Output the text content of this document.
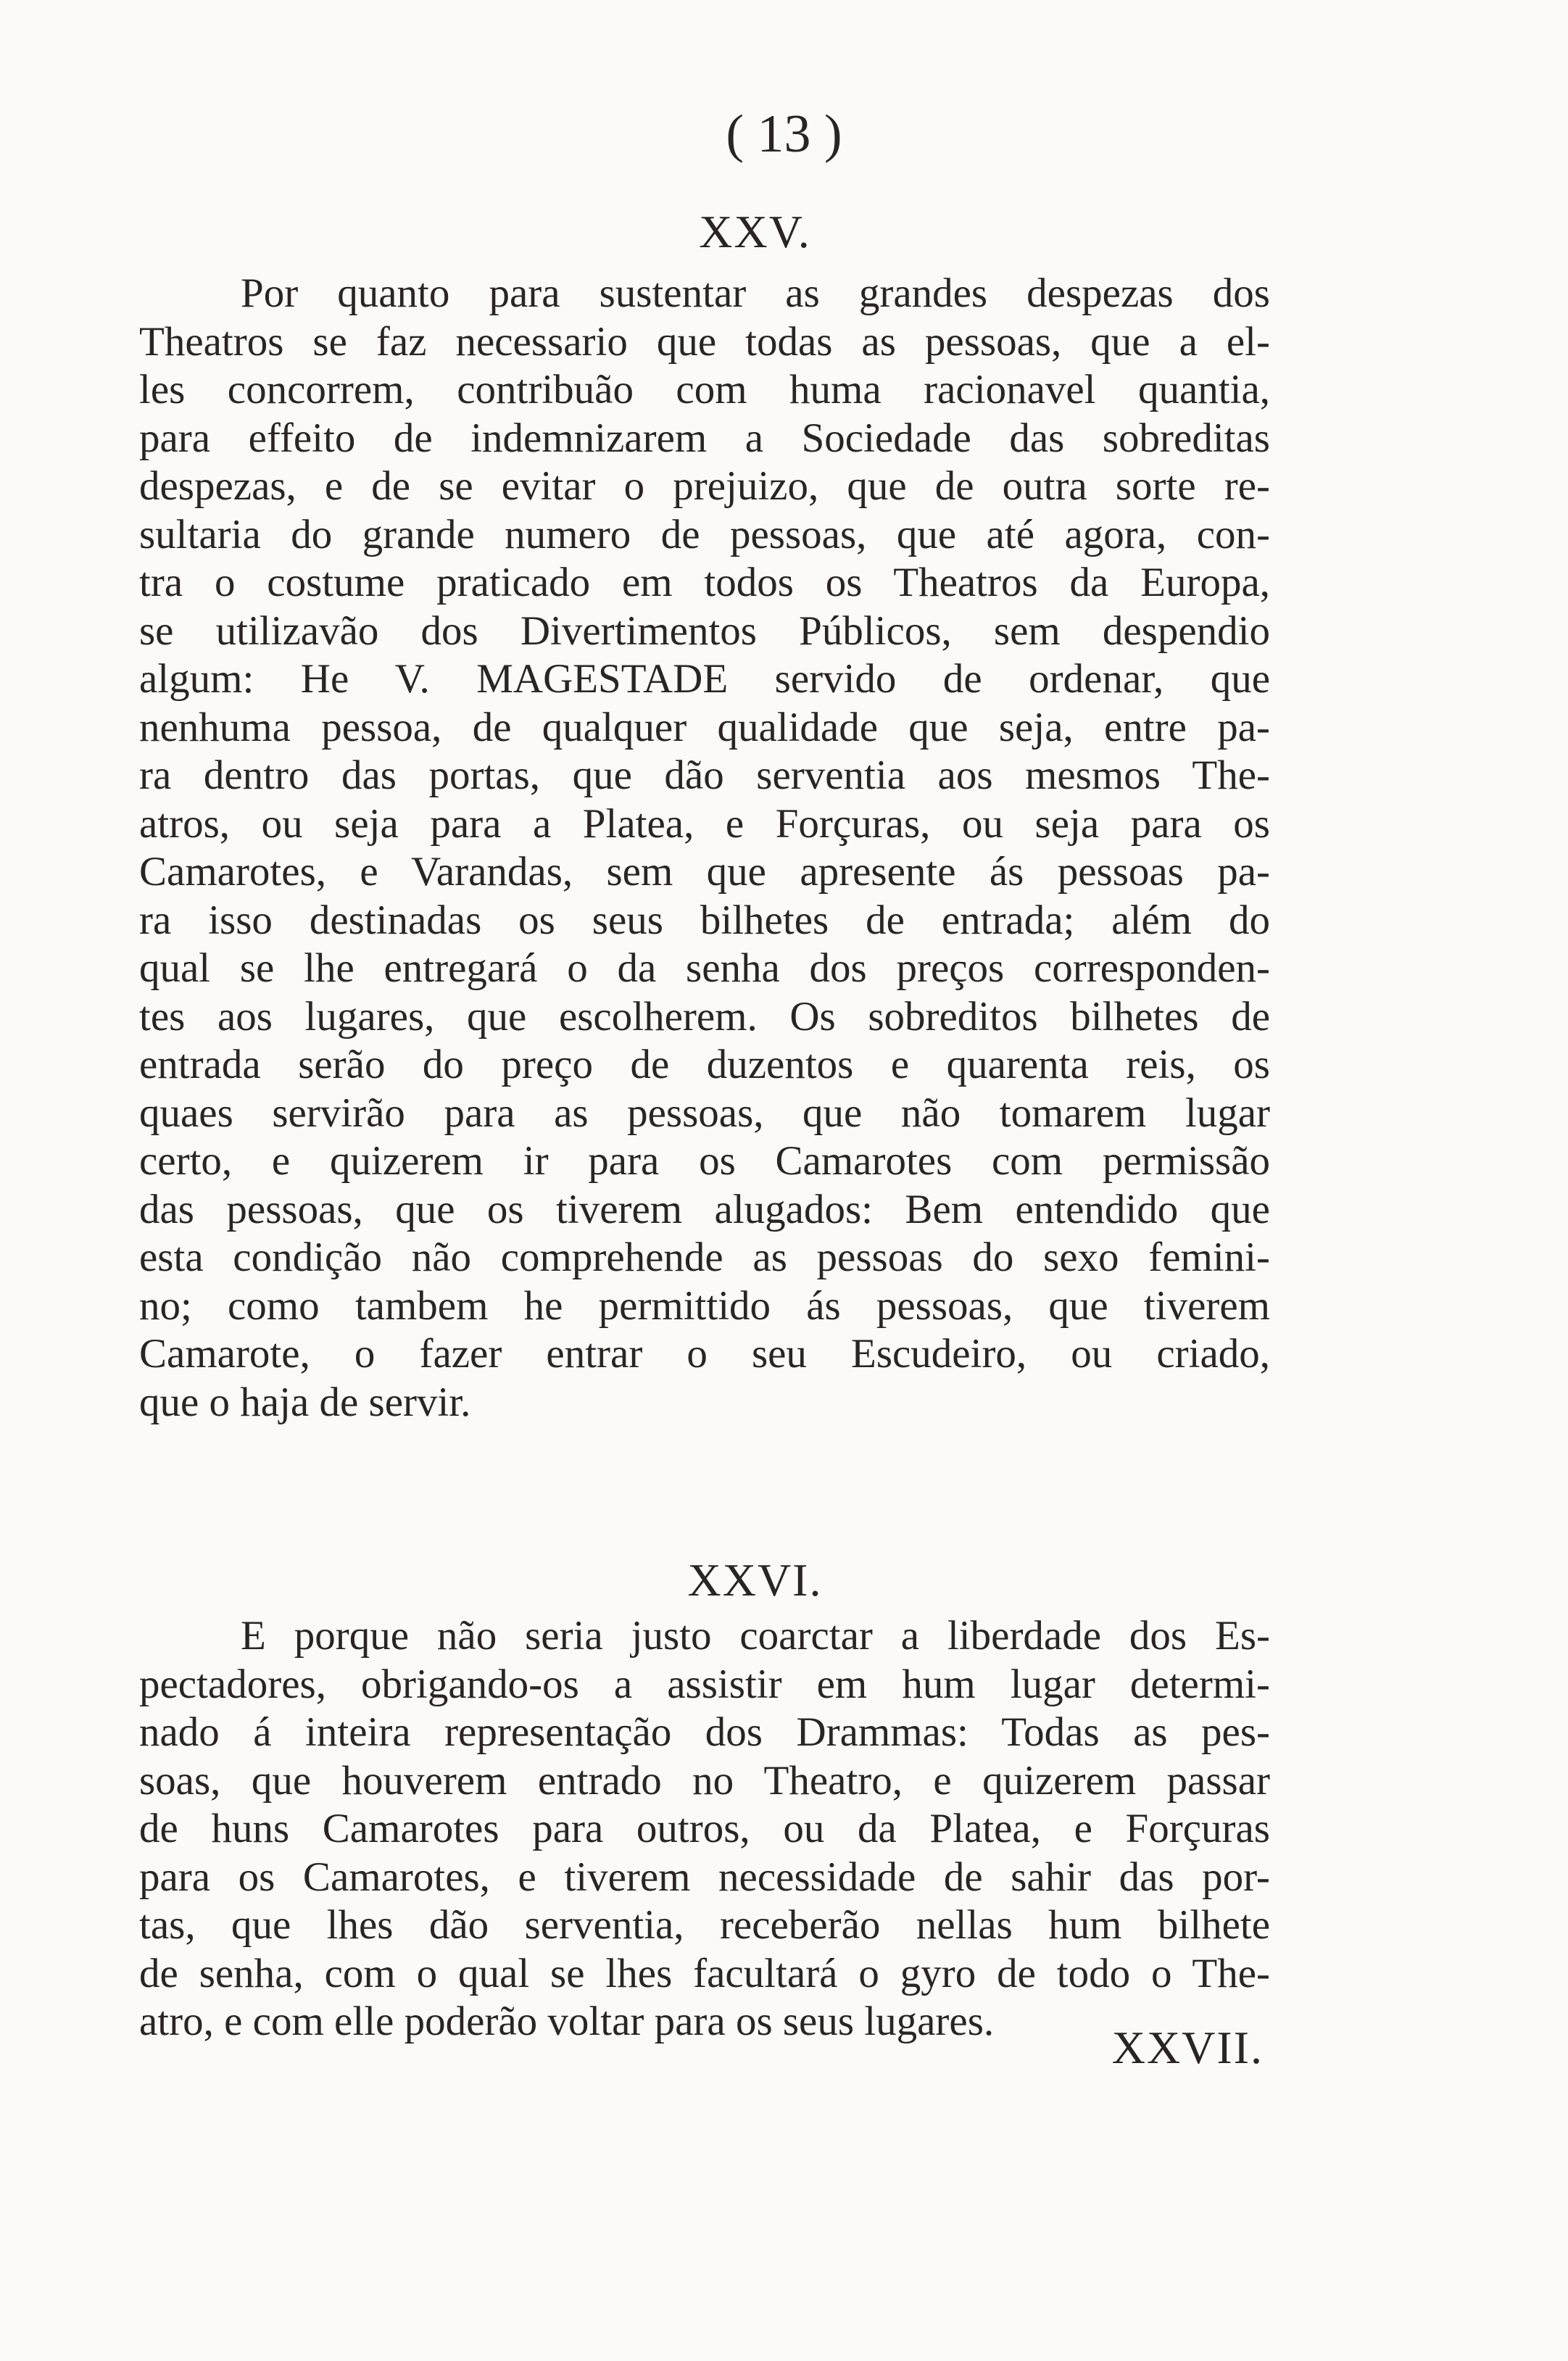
( 13 )
XXV.
Por quanto para sustentar as grandes despezas dos
Theatros se faz necessario que todas as pessoas, que a el-
les concorrem, contribuão com huma racionavel quantia,
para effeito de indemnizarem a Sociedade das sobreditas
despezas, e de se evitar o prejuizo, que de outra sorte re-
sultaria do grande numero de pessoas, que até agora, con-
tra o costume praticado em todos os Theatros da Europa,
se utilizavão dos Divertimentos Públicos, sem despendio
algum: He V. MAGESTADE servido de ordenar, que
nenhuma pessoa, de qualquer qualidade que seja, entre pa-
ra dentro das portas, que dão serventia aos mesmos The-
atros, ou seja para a Platea, e Forçuras, ou seja para os
Camarotes, e Varandas, sem que apresente ás pessoas pa-
ra isso destinadas os seus bilhetes de entrada; além do
qual se lhe entregará o da senha dos preços corresponden-
tes aos lugares, que escolherem. Os sobreditos bilhetes de
entrada serão do preço de duzentos e quarenta reis, os
quaes servirão para as pessoas, que não tomarem lugar
certo, e quizerem ir para os Camarotes com permissão
das pessoas, que os tiverem alugados: Bem entendido que
esta condição não comprehende as pessoas do sexo femini-
no; como tambem he permittido ás pessoas, que tiverem
Camarote, o fazer entrar o seu Escudeiro, ou criado,
que o haja de servir.
XXVI.
E porque não seria justo coarctar a liberdade dos Es-
pectadores, obrigando-os a assistir em hum lugar determi-
nado á inteira representação dos Drammas: Todas as pes-
soas, que houverem entrado no Theatro, e quizerem passar
de huns Camarotes para outros, ou da Platea, e Forçuras
para os Camarotes, e tiverem necessidade de sahir das por-
tas, que lhes dão serventia, receberão nellas hum bilhete
de senha, com o qual se lhes facultará o gyro de todo o The-
atro, e com elle poderão voltar para os seus lugares.
XXVII.
